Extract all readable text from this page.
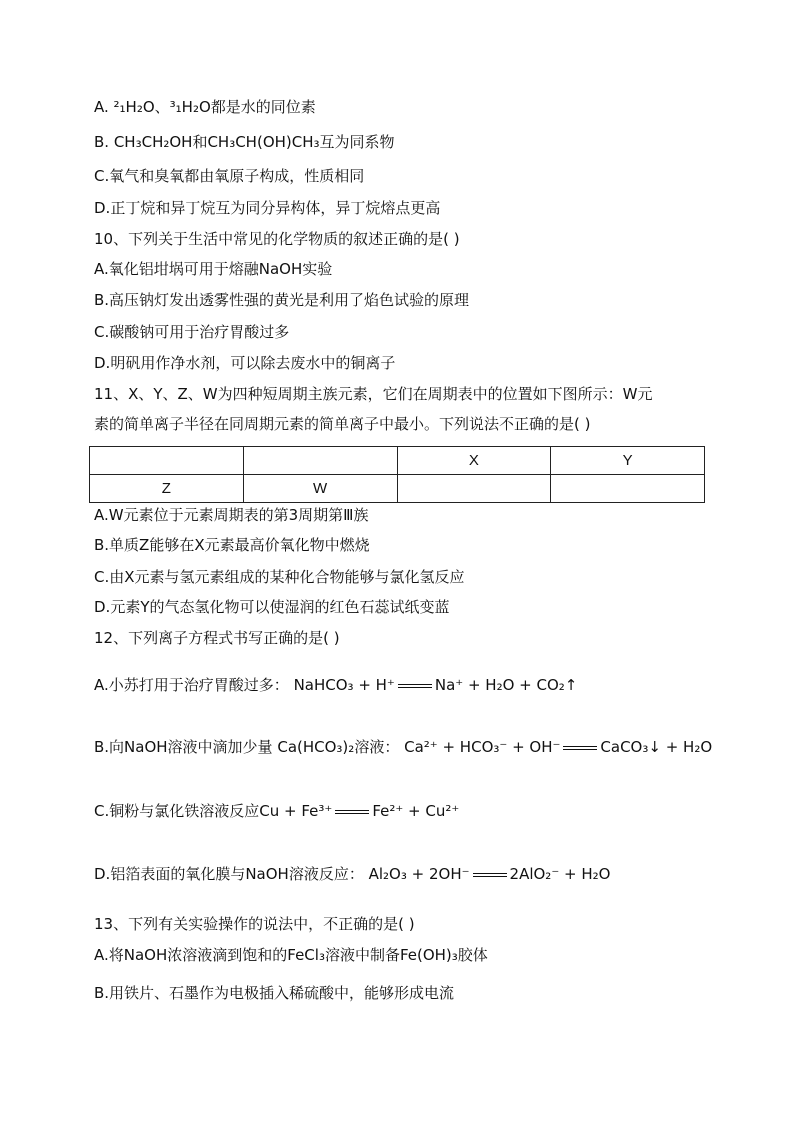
A. ²₁H₂O、³₁H₂O都是水的同位素
B. CH₃CH₂OH和CH₃CH(OH)CH₃互为同系物
C.氧气和臭氧都由氧原子构成，性质相同
D.正丁烷和异丁烷互为同分异构体，异丁烷熔点更高
10、下列关于生活中常见的化学物质的叙述正确的是( )
A.氧化铝坩埚可用于熔融NaOH实验
B.高压钠灯发出透雾性强的黄光是利用了焰色试验的原理
C.碳酸钠可用于治疗胃酸过多
D.明矾用作净水剂，可以除去废水中的铜离子
11、X、Y、Z、W为四种短周期主族元素，它们在周期表中的位置如下图所示：W元
素的简单离子半径在同周期元素的简单离子中最小。下列说法不正确的是( )
		X	Y
Z	W		
A.W元素位于元素周期表的第3周期第Ⅲ族
B.单质Z能够在X元素最高价氧化物中燃烧
C.由X元素与氢元素组成的某种化合物能够与氯化氢反应
D.元素Y的气态氢化物可以使湿润的红色石蕊试纸变蓝
12、下列离子方程式书写正确的是( )
A.小苏打用于治疗胃酸过多： NaHCO₃ + H⁺	Na⁺ + H₂O + CO₂↑
B.向NaOH溶液中滴加少量 Ca(HCO₃)₂溶液： Ca²⁺ + HCO₃⁻ + OH⁻	CaCO₃↓ + H₂O
C.铜粉与氯化铁溶液反应Cu + Fe³⁺	Fe²⁺ + Cu²⁺
D.铝箔表面的氧化膜与NaOH溶液反应： Al₂O₃ + 2OH⁻	2AlO₂⁻ + H₂O
13、下列有关实验操作的说法中，不正确的是( )
A.将NaOH浓溶液滴到饱和的FeCl₃溶液中制备Fe(OH)₃胶体
B.用铁片、石墨作为电极插入稀硫酸中，能够形成电流
